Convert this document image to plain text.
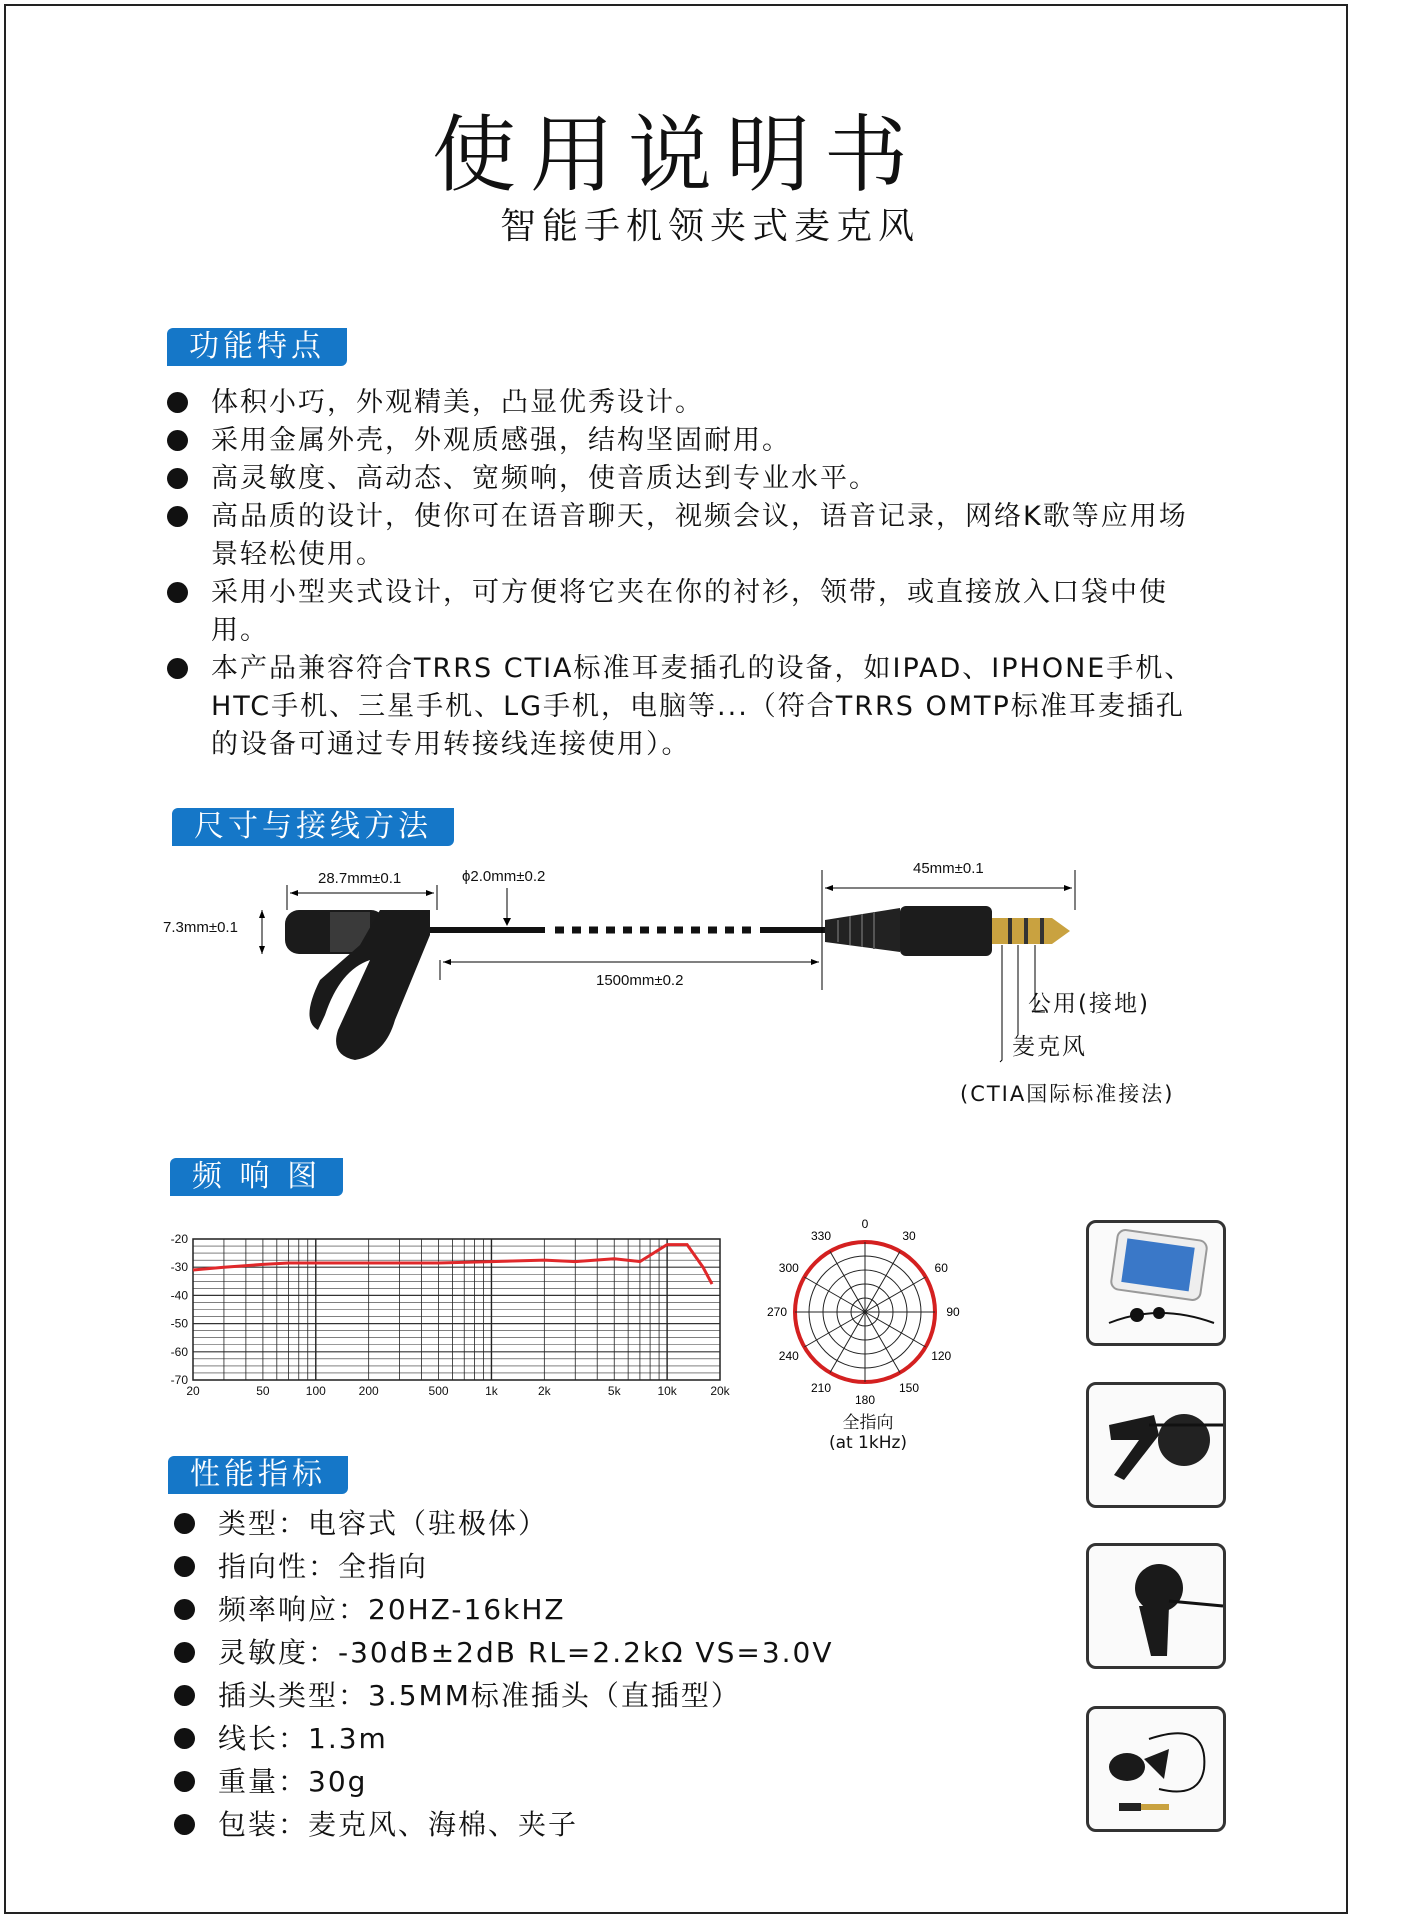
使用说明书
智能手机领夹式麦克风
功能特点
体积小巧，外观精美，凸显优秀设计。
采用金属外壳，外观质感强，结构坚固耐用。
高灵敏度、高动态、宽频响，使音质达到专业水平。
高品质的设计，使你可在语音聊天，视频会议，语音记录，网络K歌等应用场景轻松使用。
采用小型夹式设计，可方便将它夹在你的衬衫，领带，或直接放入口袋中使用。
本产品兼容符合TRRS CTIA标准耳麦插孔的设备，如IPAD、IPHONE手机、HTC手机、三星手机、LG手机，电脑等...（符合TRRS OMTP标准耳麦插孔的设备可通过专用转接线连接使用）。
尺寸与接线方法
28.7mm±0.1
7.3mm±0.1
ϕ2.0mm±0.2
1500mm±0.2
45mm±0.1
公用(接地)
麦克风
(CTIA国际标准接法)
频 响 图
-20
-30
-40
-50
-60
-70
20	50	100	200	500	1k	2k	5k	10k	20k
0
30
60
90
120
150
180
210
240
270
300
330
全指向
(at 1kHz)
性能指标
类型：电容式（驻极体）
指向性：全指向
频率响应：20HZ-16kHZ
灵敏度：-30dB±2dB RL=2.2kΩ VS=3.0V
插头类型：3.5MM标准插头（直插型）
线长：1.3m
重量：30g
包装：麦克风、海棉、夹子
